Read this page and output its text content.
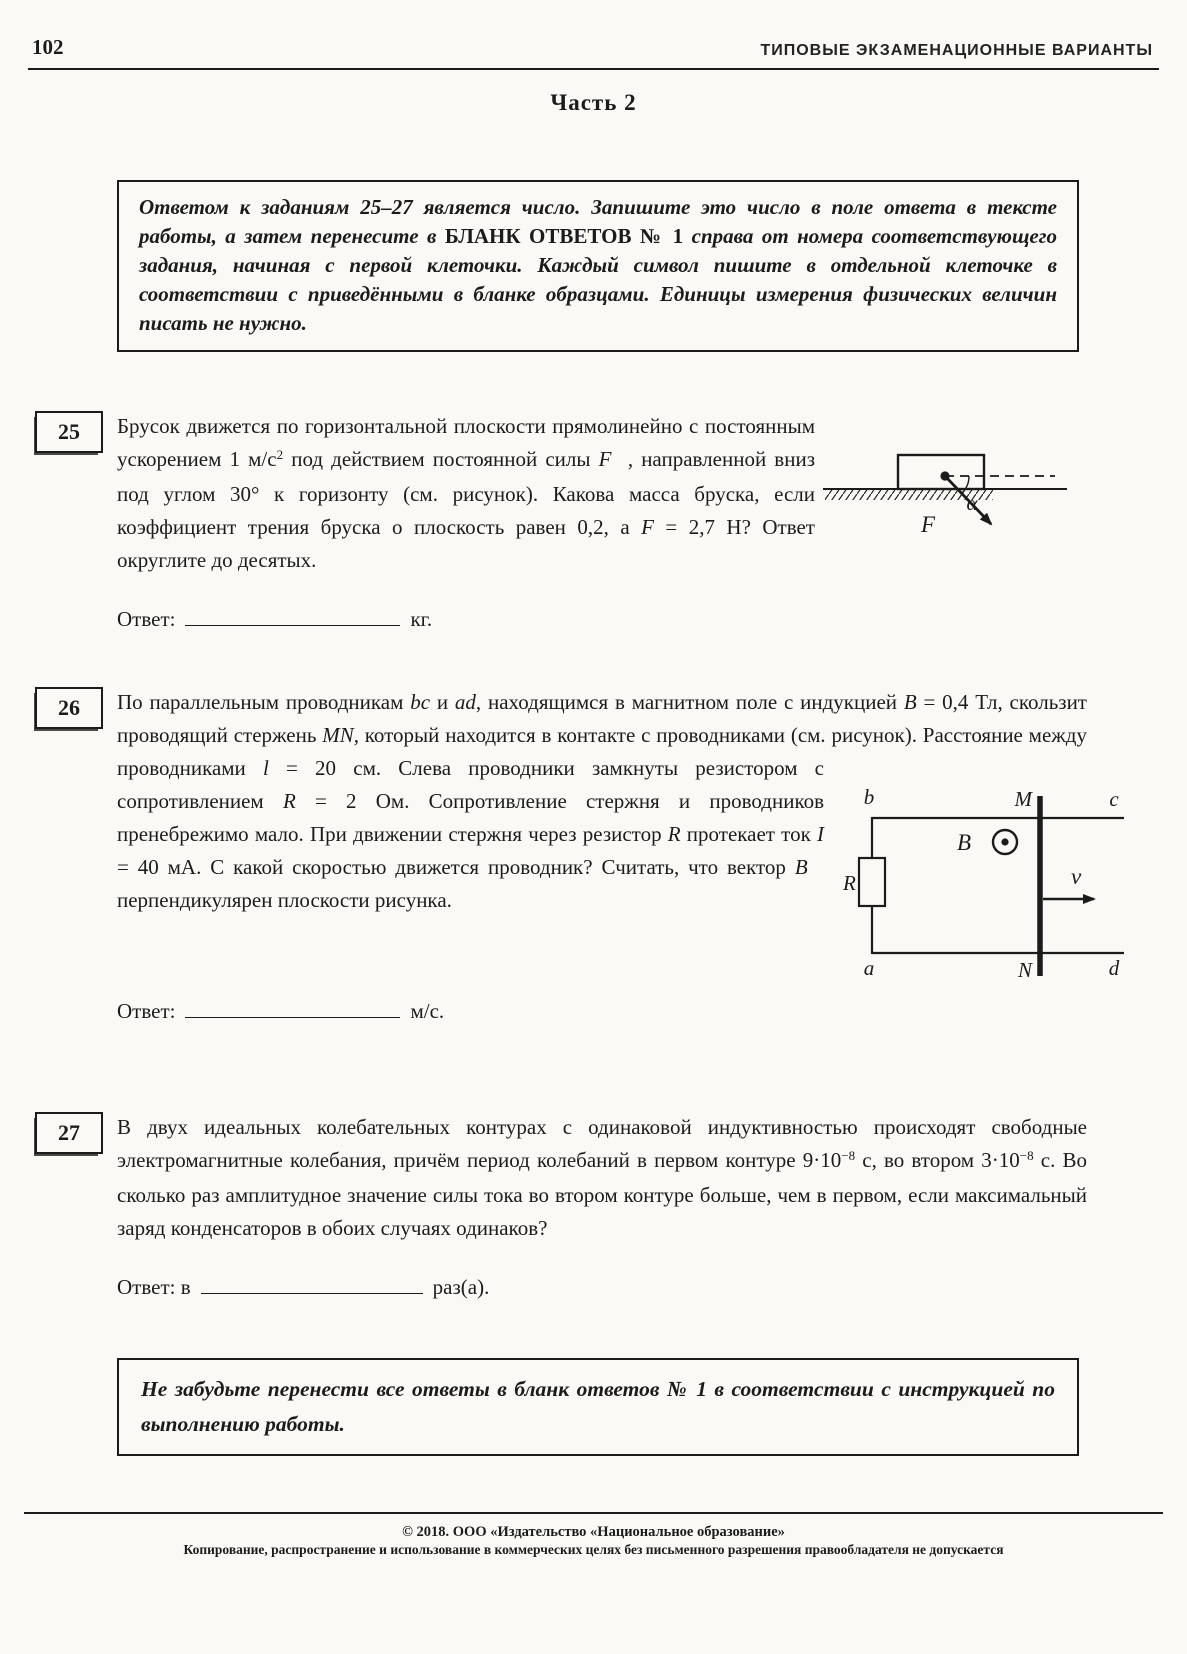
102	ТИПОВЫЕ ЭКЗАМЕНАЦИОННЫЕ ВАРИАНТЫ
Часть 2
Ответом к заданиям 25–27 является число. Запишите это число в поле ответа в тексте работы, а затем перенесите в БЛАНК ОТВЕТОВ № 1 справа от номера соответствующего задания, начиная с первой клеточки. Каждый символ пишите в отдельной клеточке в соответствии с приведёнными в бланке образцами. Единицы измерения физических величин писать не нужно.
25	Брусок движется по горизонтальной плоскости прямолинейно с постоянным ускорением 1 $м/с^2$ под действием постоянной силы F⃗, направленной вниз под углом 30° к горизонту (см. рисунок). Какова масса бруска, если коэффициент трения бруска о плоскость равен 0,2, а F = 2,7 Н? Ответ округлите до десятых.

α
F⃗
Ответ:	кг.
26
b	M	c
a	N	d
R
B⃗
v⃗

По параллельным проводникам bc и ad, находящимся в магнитном поле с индукцией B = 0,4 Тл, скользит проводящий стержень MN, который находится в контакте с проводниками (см. рисунок). Расстояние между проводниками l = 20 см. Слева проводники замкнуты резистором с сопротивлением R = 2 Ом. Сопротивление стержня и проводников пренебрежимо мало. При движении стержня через резистор R протекает ток I = 40 мА. С какой скоростью движется проводник? Считать, что вектор B⃗ перпендикулярен плоскости рисунка.

Ответ:	м/с.
27	В двух идеальных колебательных контурах с одинаковой индуктивностью происходят свободные электромагнитные колебания, причём период колебаний в первом контуре $9\cdot 10^{-8}$ с, во втором $3\cdot 10^{-8}$ с. Во сколько раз амплитудное значение силы тока во втором контуре больше, чем в первом, если максимальный заряд конденсаторов в обоих случаях одинаков?

Ответ: в	раз(а).
Не забудьте перенести все ответы в бланк ответов № 1 в соответствии с инструкцией по выполнению работы.
© 2018. ООО «Издательство «Национальное образование»
Копирование, распространение и использование в коммерческих целях без письменного разрешения правообладателя не допускается
